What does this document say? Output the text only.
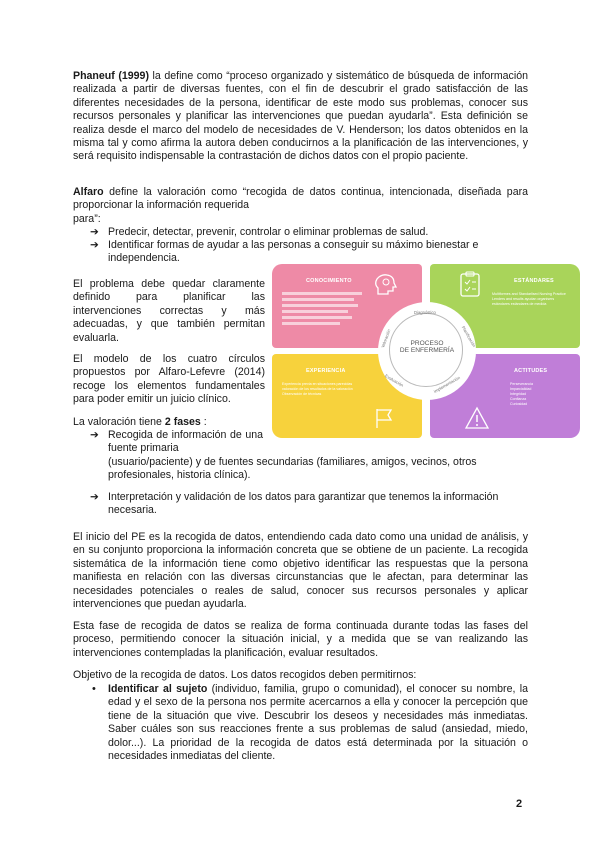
Phaneuf (1999) la define como “proceso organizado y sistemático de búsqueda de información realizada a partir de diversas fuentes, con el fin de descubrir el grado satisfacción de las diferentes necesidades de la persona, identificar de este modo sus problemas, conocer sus recursos personales y planificar las intervenciones que puedan ayudarla”. Esta definición se realiza desde el marco del modelo de necesidades de V. Henderson; los datos obtenidos en la misma tal y como afirma la autora deben conducirnos a la planificación de las intervenciones, y será requisito indispensable la contrastación de dichos datos con el propio paciente.

Alfaro define la valoración como “recogida de datos continua, intencionada, diseñada para proporcionar la información requerida
para”:

➔ Predecir, detectar, prevenir, controlar o eliminar problemas de salud.

➔ Identificar formas de ayudar a las personas a conseguir su máximo bienestar e
independencia.

El problema debe quedar claramente definido para planificar las intervenciones correctas y más adecuadas, y que también permitan evaluarla.

El modelo de los cuatro círculos propuestos por Alfaro-Lefevre (2014) recoge los elementos fundamentales para poder emitir un juicio clínico.

La valoración tiene 2 fases :

➔ Recogida de información de una fuente primaria

(usuario/paciente) y de fuentes secundarias (familiares, amigos, vecinos, otros
profesionales, historia clínica).

➔ Interpretación y validación de los datos para garantizar que tenemos la información
necesaria.

El inicio del PE es la recogida de datos, entendiendo cada dato como una unidad de análisis, y en su conjunto proporciona la información concreta que se obtiene de un paciente. La recogida sistemática de la información tiene como objetivo identificar las respuestas que la persona manifiesta en relación con las diversas circunstancias que le afectan, para determinar las necesidades potenciales o reales de salud, conocer sus recursos personales y aplicar intervenciones que puedan ayudarla.

Esta fase de recogida de datos se realiza de forma continuada durante todas las fases del proceso, permitiendo conocer la situación inicial, y a medida que se van realizando las intervenciones contempladas la planificación, evaluar resultados.

Objetivo de la recogida de datos. Los datos recogidos deben permitirnos:

• Identificar al sujeto (individuo, familia, grupo o comunidad), el conocer su nombre, la edad y el sexo de la persona nos permite acercarnos a ella y conocer la percepción que tiene de la situación que vive. Descubrir los deseos y necesidades más inmediatas. Saber cuáles son sus reacciones frente a sus problemas de salud (ansiedad, miedo, dolor...). La prioridad de la recogida de datos está determinada por la situación o necesidades inmediatas del cliente.

CONOCIMIENTO	ESTÁNDARES
Multiformes and Standarlised Nursing Practice
Lenders and results ayudan organisers
estándares estándares de medida
EXPERIENCIA
Experiencia previa en situaciones parecidas
valoración de los resultados de la valoración
Observación de técnicas
ACTITUDES
Perseverancia
Imparcialidad
Integridad
Confianza
Curiosidad
PROCESO
DE ENFERMERÍA
Diagnóstico
Planificación
Implementación
Evaluación
Valoración
2
